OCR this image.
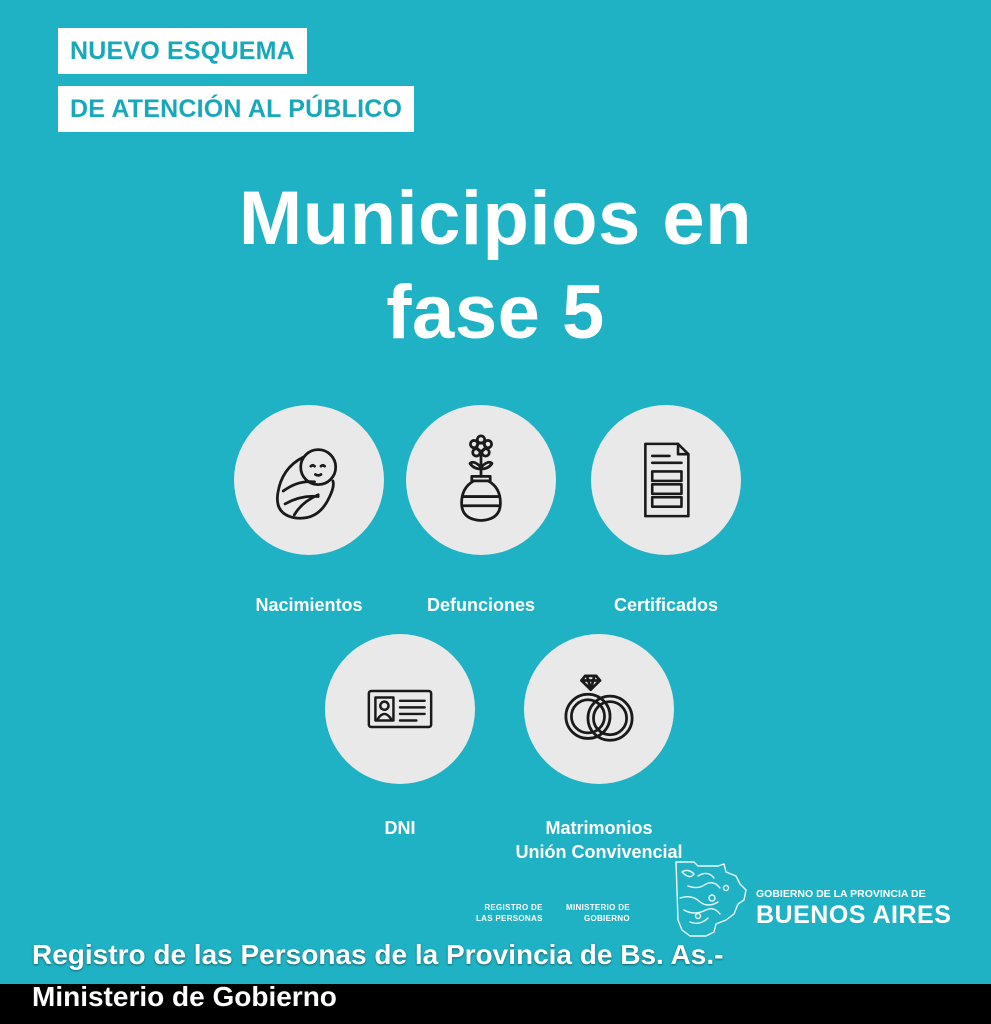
NUEVO ESQUEMA
DE ATENCIÓN AL PÚBLICO
Municipios en
fase 5
Nacimientos	Defunciones	Certificados
DNI	Matrimonios
Unión Convivencial
REGISTRO DE
LAS PERSONAS
MINISTERIO DE
GOBIERNO
GOBIERNO DE LA PROVINCIA DE
BUENOS AIRES
Registro de las Personas de la Provincia de Bs. As.-
Ministerio de Gobierno
